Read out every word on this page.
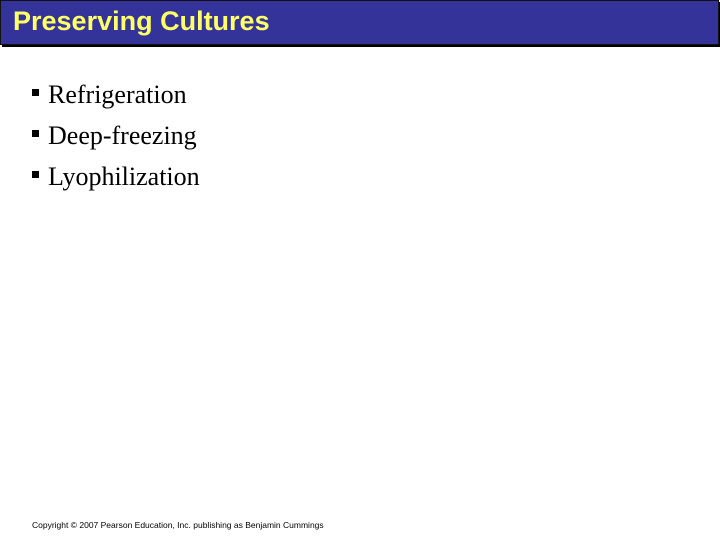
Preserving Cultures
Refrigeration
Deep-freezing
Lyophilization
Copyright © 2007 Pearson Education, Inc. publishing as Benjamin Cummings
